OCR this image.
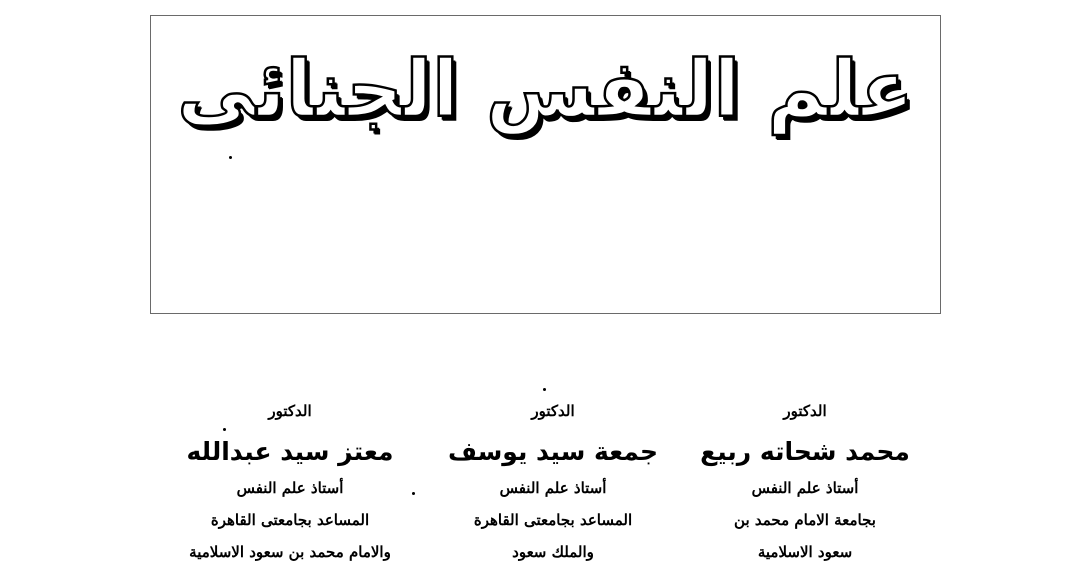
علم النفس الجنائى
الدكتور
محمد شحاته ربيع
أستاذ علم النفس
بجامعة الامام محمد بن
سعود الاسلامية
الدكتور
جمعة سيد يوسف
أستاذ علم النفس
المساعد بجامعتى القاهرة
والملك سعود
الدكتور
معتز سيد عبدالله
أستاذ علم النفس
المساعد بجامعتى القاهرة
والامام محمد بن سعود الاسلامية
